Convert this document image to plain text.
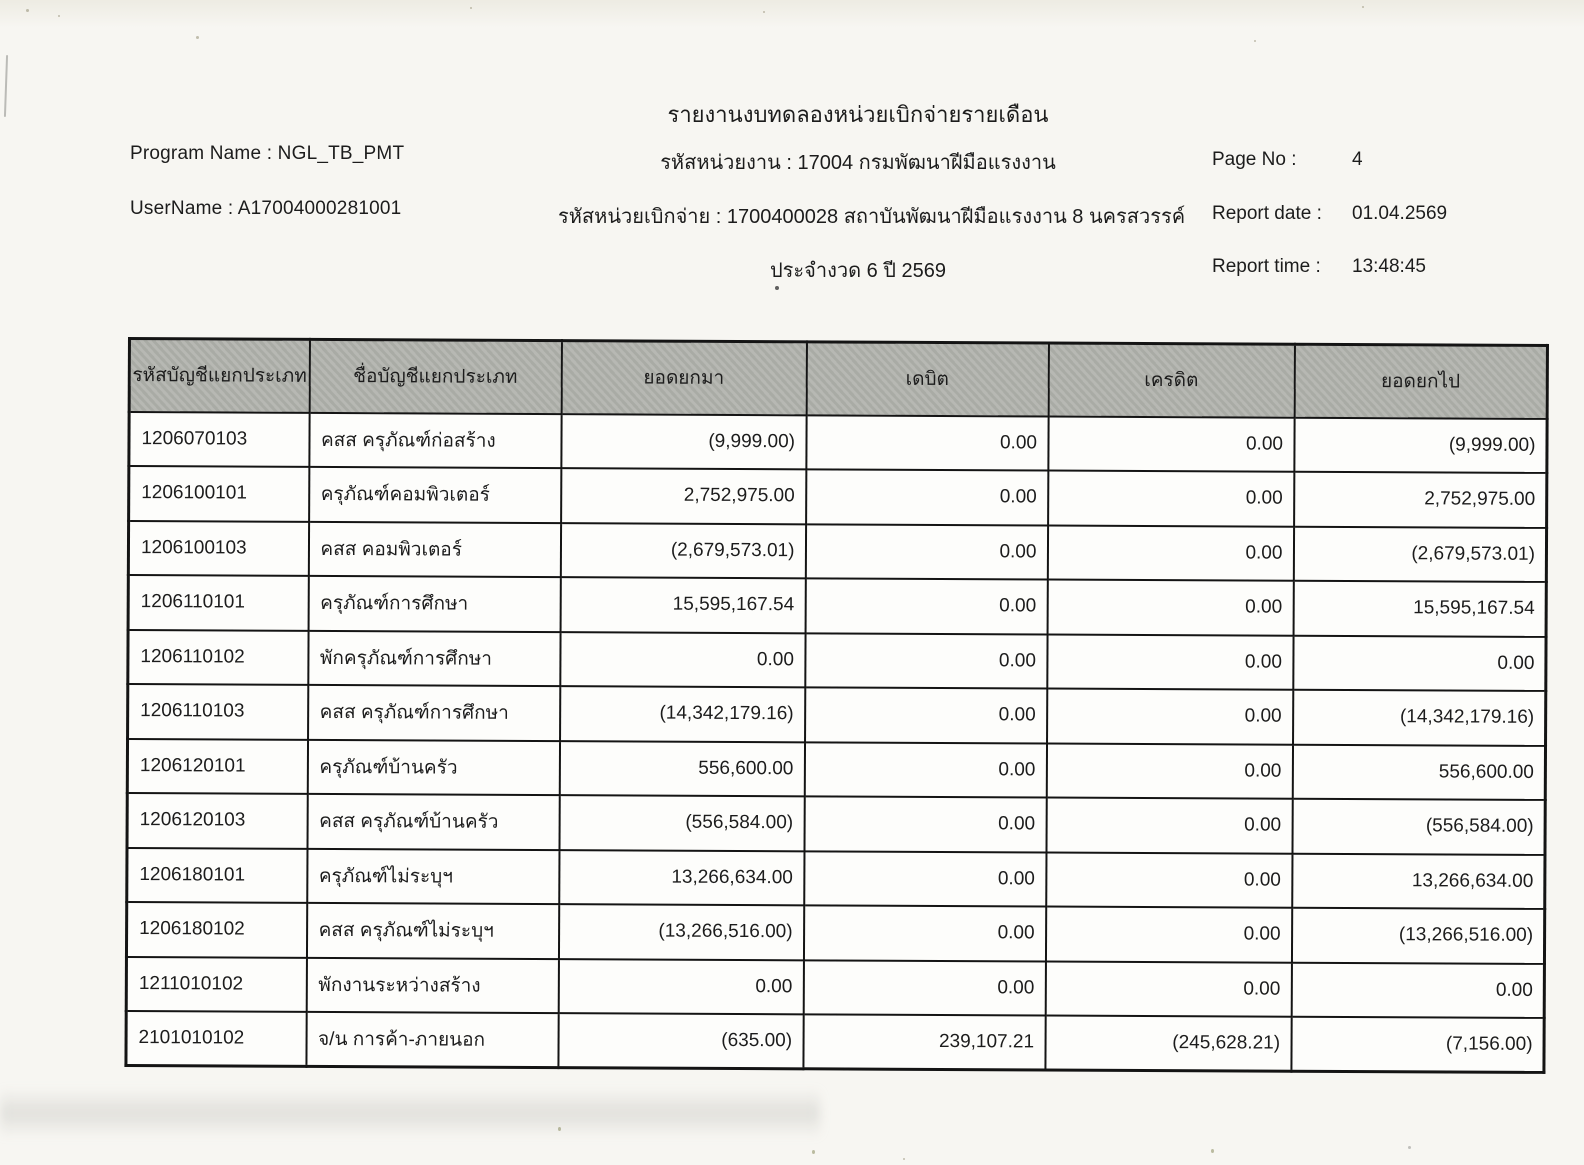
รายงานงบทดลองหน่วยเบิกจ่ายรายเดือน
Program Name : NGL_TB_PMT
UserName : A17004000281001
รหัสหน่วยงาน : 17004 กรมพัฒนาฝีมือแรงงาน
รหัสหน่วยเบิกจ่าย : 1700400028 สถาบันพัฒนาฝีมือแรงงาน 8 นครสวรรค์
ประจำงวด 6 ปี 2569
Page No :	4
Report date : 01.04.2569
Report time : 13:48:45
รหัสบัญชีแยกประเภท	ชื่อบัญชีแยกประเภท	ยอดยกมา	เดบิต	เครดิต	ยอดยกไป
1206070103	คสส ครุภัณฑ์ก่อสร้าง	(9,999.00)	0.00	0.00	(9,999.00)
1206100101	ครุภัณฑ์คอมพิวเตอร์	2,752,975.00	0.00	0.00	2,752,975.00
1206100103	คสส คอมพิวเตอร์	(2,679,573.01)	0.00	0.00	(2,679,573.01)
1206110101	ครุภัณฑ์การศึกษา	15,595,167.54	0.00	0.00	15,595,167.54
1206110102	พักครุภัณฑ์การศึกษา	0.00	0.00	0.00	0.00
1206110103	คสส ครุภัณฑ์การศึกษา	(14,342,179.16)	0.00	0.00	(14,342,179.16)
1206120101	ครุภัณฑ์บ้านครัว	556,600.00	0.00	0.00	556,600.00
1206120103	คสส ครุภัณฑ์บ้านครัว	(556,584.00)	0.00	0.00	(556,584.00)
1206180101	ครุภัณฑ์ไม่ระบุฯ	13,266,634.00	0.00	0.00	13,266,634.00
1206180102	คสส ครุภัณฑ์ไม่ระบุฯ	(13,266,516.00)	0.00	0.00	(13,266,516.00)
1211010102	พักงานระหว่างสร้าง	0.00	0.00	0.00	0.00
2101010102	จ/น การค้า-ภายนอก	(635.00)	239,107.21	(245,628.21)	(7,156.00)
